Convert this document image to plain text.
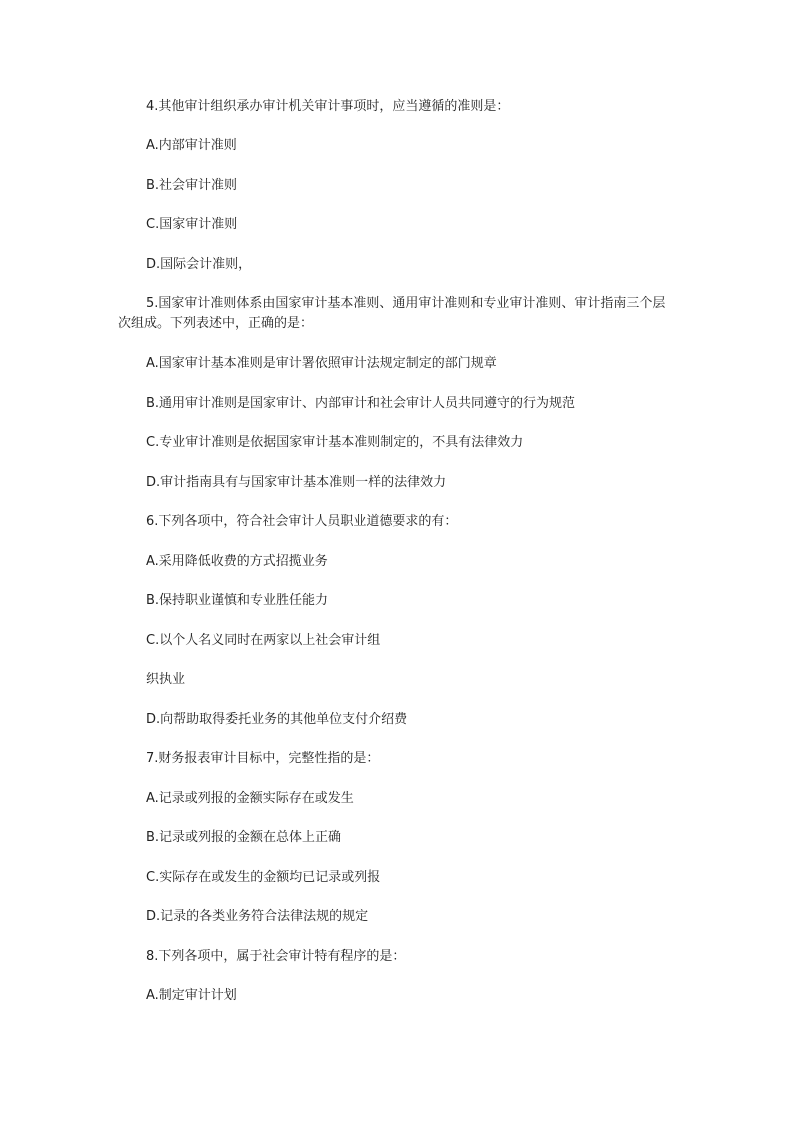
4.其他审计组织承办审计机关审计事项时，应当遵循的准则是：
A.内部审计准则
B.社会审计准则
C.国家审计准则
D.国际会计准则，
5.国家审计准则体系由国家审计基本准则、通用审计准则和专业审计准则、审计指南三个层次组成。下列表述中，正确的是：
A.国家审计基本准则是审计署依照审计法规定制定的部门规章
B.通用审计准则是国家审计、内部审计和社会审计人员共同遵守的行为规范
C.专业审计准则是依据国家审计基本准则制定的，不具有法律效力
D.审计指南具有与国家审计基本准则一样的法律效力
6.下列各项中，符合社会审计人员职业道德要求的有：
A.采用降低收费的方式招揽业务
B.保持职业谨慎和专业胜任能力
C.以个人名义同时在两家以上社会审计组
织执业
D.向帮助取得委托业务的其他单位支付介绍费
7.财务报表审计目标中，完整性指的是：
A.记录或列报的金额实际存在或发生
B.记录或列报的金额在总体上正确
C.实际存在或发生的金额均已记录或列报
D.记录的各类业务符合法律法规的规定
8.下列各项中，属于社会审计特有程序的是：
A.制定审计计划
